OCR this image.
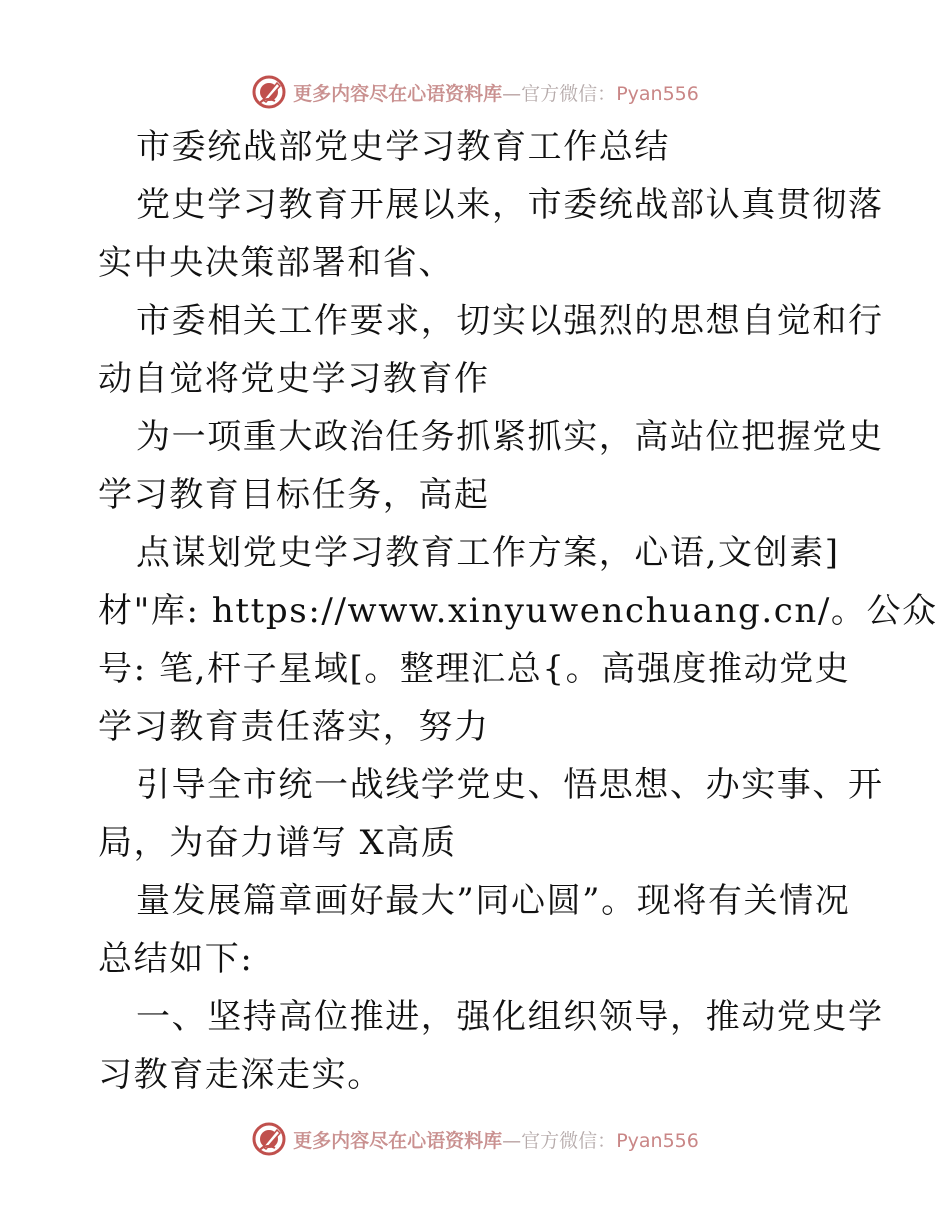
更多内容尽在心语资料库—官方微信：Pyan556
市委统战部党史学习教育工作总结
党史学习教育开展以来，市委统战部认真贯彻落
实中央决策部署和省、
市委相关工作要求，切实以强烈的思想自觉和行
动自觉将党史学习教育作
为一项重大政治任务抓紧抓实，高站位把握党史
学习教育目标任务，高起
点谋划党史学习教育工作方案，心语,文创素]
材"库: https://www.xinyuwenchuang.cn/。公众
号: 笔,杆子星域[。整理汇总{。高强度推动党史
学习教育责任落实，努力
引导全市统一战线学党史、悟思想、办实事、开
局，为奋力谱写 X高质
量发展篇章画好最大”同心圆”。现将有关情况
总结如下:
一、坚持高位推进，强化组织领导，推动党史学
习教育走深走实。
更多内容尽在心语资料库—官方微信：Pyan556
